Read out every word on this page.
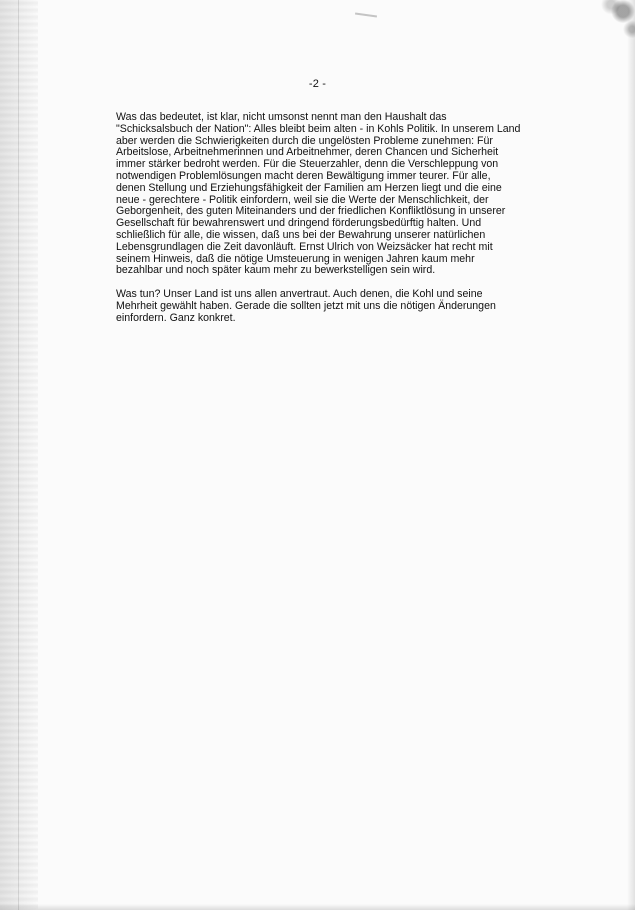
-2 -
Was das bedeutet, ist klar, nicht umsonst nennt man den Haushalt das
"Schicksalsbuch der Nation": Alles bleibt beim alten - in Kohls Politik. In unserem Land
aber werden die Schwierigkeiten durch die ungelösten Probleme zunehmen: Für
Arbeitslose, Arbeitnehmerinnen und Arbeitnehmer, deren Chancen und Sicherheit
immer stärker bedroht werden. Für die Steuerzahler, denn die Verschleppung von
notwendigen Problemlösungen macht deren Bewältigung immer teurer. Für alle,
denen Stellung und Erziehungsfähigkeit der Familien am Herzen liegt und die eine
neue - gerechtere - Politik einfordern, weil sie die Werte der Menschlichkeit, der
Geborgenheit, des guten Miteinanders und der friedlichen Konfliktlösung in unserer
Gesellschaft für bewahrenswert und dringend förderungsbedürftig halten. Und
schließlich für alle, die wissen, daß uns bei der Bewahrung unserer natürlichen
Lebensgrundlagen die Zeit davonläuft. Ernst Ulrich von Weizsäcker hat recht mit
seinem Hinweis, daß die nötige Umsteuerung in wenigen Jahren kaum mehr
bezahlbar und noch später kaum mehr zu bewerkstelligen sein wird.
Was tun? Unser Land ist uns allen anvertraut. Auch denen, die Kohl und seine
Mehrheit gewählt haben. Gerade die sollten jetzt mit uns die nötigen Änderungen
einfordern. Ganz konkret.
